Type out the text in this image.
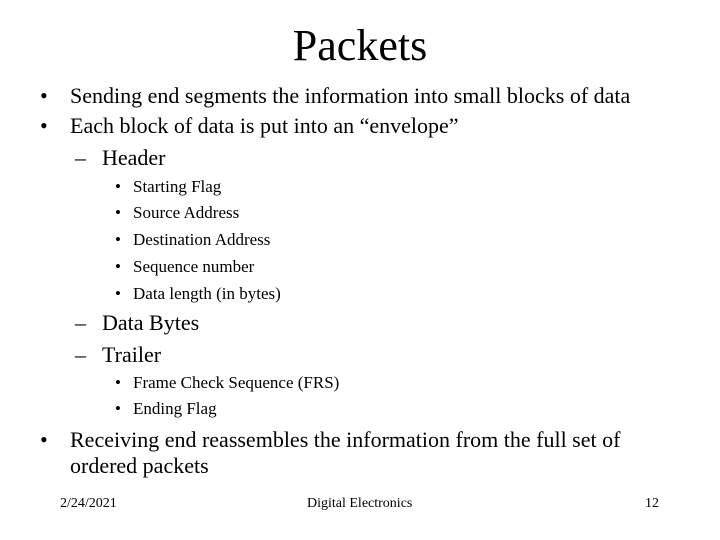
Packets
• Sending end segments the information into small blocks of data
• Each block of data is put into an “envelope”
– Header
• Starting Flag
• Source Address
• Destination Address
• Sequence number
• Data length (in bytes)
– Data Bytes
– Trailer
• Frame Check Sequence (FRS)
• Ending Flag
• Receiving end reassembles the information from the full set of
ordered packets
2/24/2021	Digital Electronics	12
